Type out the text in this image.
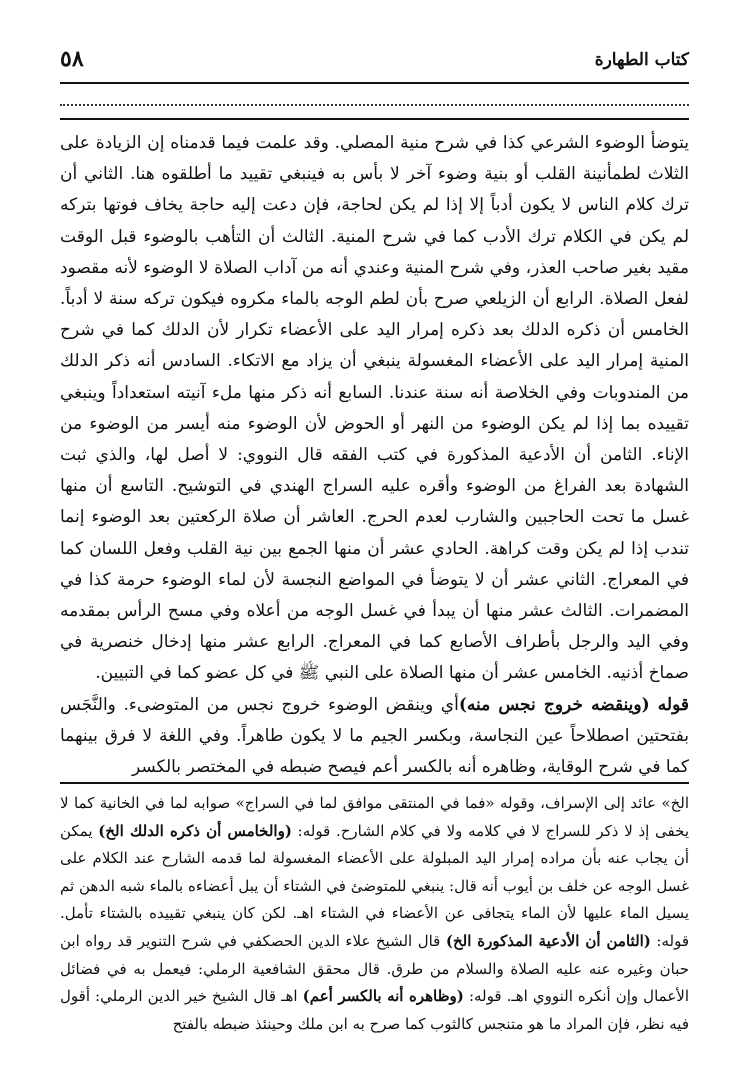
كتاب الطهارة
٥٨

يتوضأ الوضوء الشرعي كذا في شرح منية المصلي. وقد علمت فيما قدمناه إن الزيادة على الثلاث لطمأنينة القلب أو بنية وضوء آخر لا بأس به فينبغي تقييد ما أطلقوه هنا. الثاني أن ترك كلام الناس لا يكون أدباً إلا إذا لم يكن لحاجة، فإن دعت إليه حاجة يخاف فوتها بتركه لم يكن في الكلام ترك الأدب كما في شرح المنية. الثالث أن التأهب بالوضوء قبل الوقت مقيد بغير صاحب العذر، وفي شرح المنية وعندي أنه من آداب الصلاة لا الوضوء لأنه مقصود لفعل الصلاة. الرابع أن الزيلعي صرح بأن لطم الوجه بالماء مكروه فيكون تركه سنة لا أدباً. الخامس أن ذكره الدلك بعد ذكره إمرار اليد على الأعضاء تكرار لأن الدلك كما في شرح المنية إمرار اليد على الأعضاء المغسولة ينبغي أن يزاد مع الاتكاء. السادس أنه ذكر الدلك من المندوبات وفي الخلاصة أنه سنة عندنا. السابع أنه ذكر منها ملء آنيته استعداداً وينبغي تقييده بما إذا لم يكن الوضوء من النهر أو الحوض لأن الوضوء منه أيسر من الوضوء من الإناء. الثامن أن الأدعية المذكورة في كتب الفقه قال النووي: لا أصل لها، والذي ثبت الشهادة بعد الفراغ من الوضوء وأقره عليه السراج الهندي في التوشيح. التاسع أن منها غسل ما تحت الحاجبين والشارب لعدم الحرج. العاشر أن صلاة الركعتين بعد الوضوء إنما تندب إذا لم يكن وقت كراهة. الحادي عشر أن منها الجمع بين نية القلب وفعل اللسان كما في المعراج. الثاني عشر أن لا يتوضأ في المواضع النجسة لأن لماء الوضوء حرمة كذا في المضمرات. الثالث عشر منها أن يبدأ في غسل الوجه من أعلاه وفي مسح الرأس بمقدمه وفي اليد والرجل بأطراف الأصابع كما في المعراج. الرابع عشر منها إدخال خنصرية في صماخ أذنيه. الخامس عشر أن منها الصلاة على النبي ﷺ في كل عضو كما في التبيين.

قوله (وينقضه خروج نجس منه)أي وينقض الوضوء خروج نجس من المتوضىء. والنَّجَس بفتحتين اصطلاحاً عين النجاسة، وبكسر الجيم ما لا يكون طاهراً. وفي اللغة لا فرق بينهما كما في شرح الوقاية، وظاهره أنه بالكسر أعم فيصح ضبطه في المختصر بالكسر

الخ» عائد إلى الإسراف، وقوله «فما في المنتقى موافق لما في السراج» صوابه لما في الخانية كما لا يخفى إذ لا ذكر للسراج لا في كلامه ولا في كلام الشارح. قوله: (والخامس أن ذكره الدلك الخ) يمكن أن يجاب عنه بأن مراده إمرار اليد المبلولة على الأعضاء المغسولة لما قدمه الشارح عند الكلام على غسل الوجه عن خلف بن أيوب أنه قال: ينبغي للمتوضئ في الشتاء أن يبل أعضاءه بالماء شبه الدهن ثم يسيل الماء عليها لأن الماء يتجافى عن الأعضاء في الشتاء اهـ. لكن كان ينبغي تقييده بالشتاء تأمل. قوله: (الثامن أن الأدعية المذكورة الخ) قال الشيخ علاء الدين الحصكفي في شرح التنوير قد رواه ابن حبان وغيره عنه عليه الصلاة والسلام من طرق. قال محقق الشافعية الرملي: فيعمل به في فضائل الأعمال وإن أنكره النووي اهـ. قوله: (وظاهره أنه بالكسر أعم) اهـ قال الشيخ خير الدين الرملي: أقول فيه نظر، فإن المراد ما هو متنجس كالثوب كما صرح به ابن ملك وحينئذ ضبطه بالفتح
